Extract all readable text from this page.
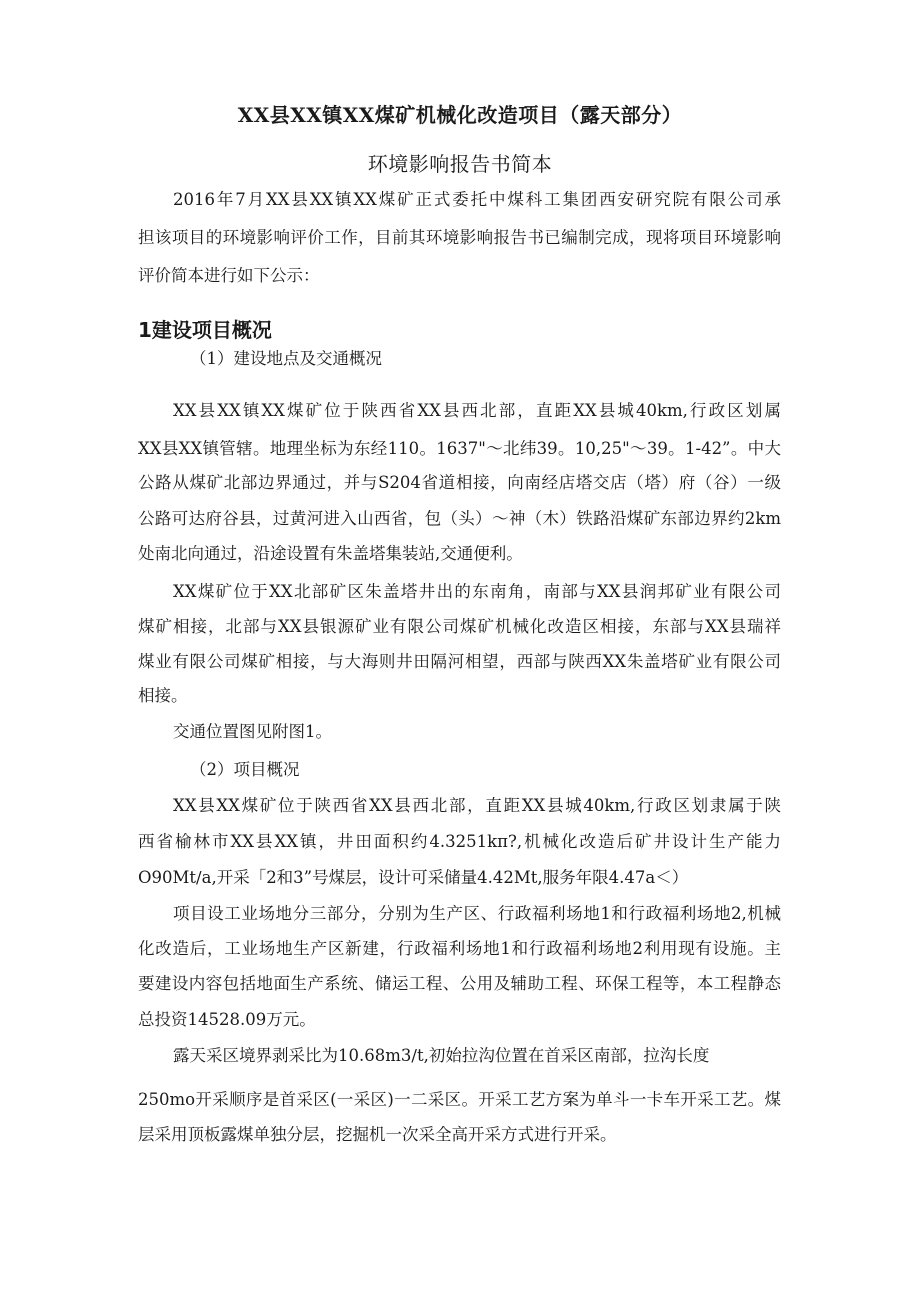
XX县XX镇XX煤矿机械化改造项目（露天部分）
环境影响报告书简本
2016年7月XX县XX镇XX煤矿正式委托中煤科工集团西安研究院有限公司承
担该项目的环境影响评价工作，目前其环境影响报告书已编制完成，现将项目环境影响
评价简本进行如下公示：
1建设项目概况
（1）建设地点及交通概况
XX县XX镇XX煤矿位于陕西省XX县西北部，直距XX县城40km,行政区划属
XX县XX镇管辖。地理坐标为东经110。1637"～北纬39。10,25"～39。1-42”。中大
公路从煤矿北部边界通过，并与S204省道相接，向南经店塔交店（塔）府（谷）一级
公路可达府谷县，过黄河进入山西省，包（头）～神（木）铁路沿煤矿东部边界约2km
处南北向通过，沿途设置有朱盖塔集装站,交通便利。
XX煤矿位于XX北部矿区朱盖塔井出的东南角，南部与XX县润邦矿业有限公司
煤矿相接，北部与XX县银源矿业有限公司煤矿机械化改造区相接，东部与XX县瑞祥
煤业有限公司煤矿相接，与大海则井田隔河相望，西部与陕西XX朱盖塔矿业有限公司
相接。
交通位置图见附图1。
（2）项目概况
XX县XX煤矿位于陕西省XX县西北部，直距XX县城40km,行政区划隶属于陕
西省榆林市XX县XX镇，井田面积约4.3251kπ?,机械化改造后矿井设计生产能力
O90Mt∕a,开采「2和3”号煤层，设计可采储量4.42Mt,服务年限4.47a＜）
项目设工业场地分三部分，分别为生产区、行政福利场地1和行政福利场地2,机械
化改造后，工业场地生产区新建，行政福利场地1和行政福利场地2利用现有设施。主
要建设内容包括地面生产系统、储运工程、公用及辅助工程、环保工程等，本工程静态
总投资14528.09万元。
露天采区境界剥采比为10.68m3∕t,初始拉沟位置在首采区南部，拉沟长度
250mo开采顺序是首采区(一采区)一二采区。开采工艺方案为单斗一卡车开采工艺。煤
层采用顶板露煤单独分层，挖掘机一次采全高开采方式进行开采。
